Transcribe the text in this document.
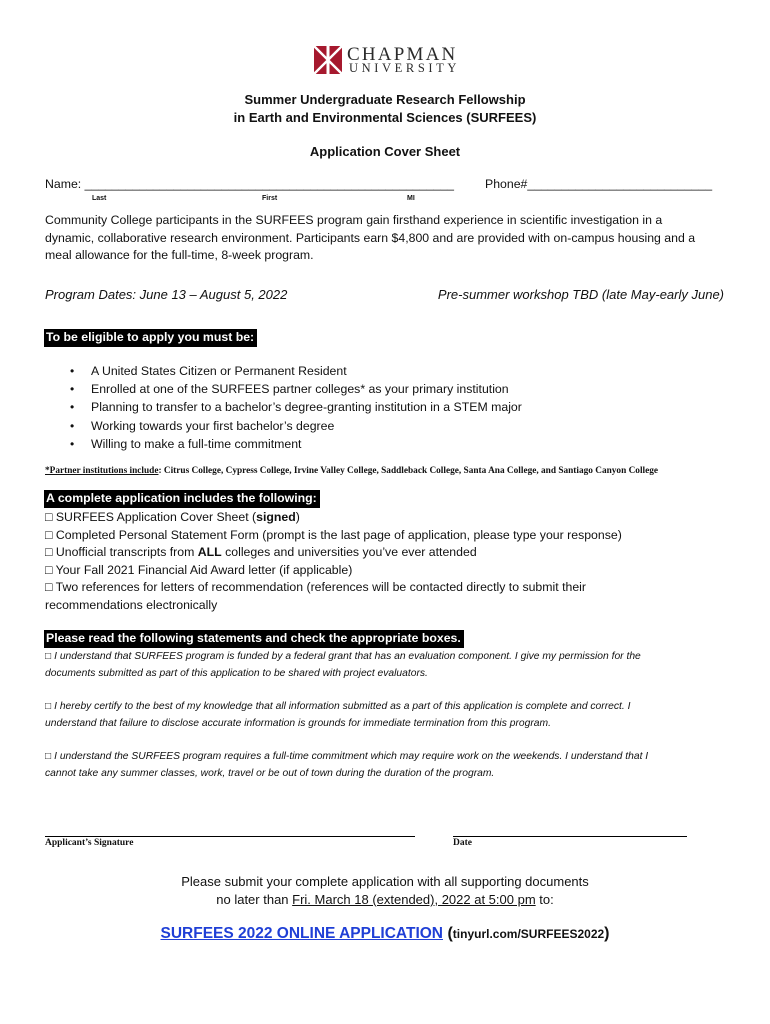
CHAPMAN
UNIVERSITY
Summer Undergraduate Research Fellowship
in Earth and Environmental Sciences (SURFEES)
Application Cover Sheet
Name: ______________________________________________________	Phone#___________________________
Last	First	MI
Community College participants in the SURFEES program gain firsthand experience in scientific investigation in a
dynamic, collaborative research environment. Participants earn $4,800 and are provided with on-campus housing and a
meal allowance for the full-time, 8-week program.
Program Dates: June 13 – August 5, 2022	Pre-summer workshop TBD (late May-early June)
To be eligible to apply you must be:
• A United States Citizen or Permanent Resident
• Enrolled at one of the SURFEES partner colleges* as your primary institution
• Planning to transfer to a bachelor’s degree-granting institution in a STEM major
• Working towards your first bachelor’s degree
• Willing to make a full-time commitment
*Partner institutions include: Citrus College, Cypress College, Irvine Valley College, Saddleback College, Santa Ana College, and Santiago Canyon College
A complete application includes the following:
□ SURFEES Application Cover Sheet (signed)
□ Completed Personal Statement Form (prompt is the last page of application, please type your response)
□ Unofficial transcripts from ALL colleges and universities you’ve ever attended
□ Your Fall 2021 Financial Aid Award letter (if applicable)
□ Two references for letters of recommendation (references will be contacted directly to submit their
recommendations electronically
Please read the following statements and check the appropriate boxes.
□ I understand that SURFEES program is funded by a federal grant that has an evaluation component. I give my permission for the
documents submitted as part of this application to be shared with project evaluators.
□ I hereby certify to the best of my knowledge that all information submitted as a part of this application is complete and correct. I
understand that failure to disclose accurate information is grounds for immediate termination from this program.
□ I understand the SURFEES program requires a full-time commitment which may require work on the weekends. I understand that I
cannot take any summer classes, work, travel or be out of town during the duration of the program.
Applicant’s Signature	Date
Please submit your complete application with all supporting documents
no later than Fri. March 18 (extended), 2022 at 5:00 pm to:
SURFEES 2022 ONLINE APPLICATION (tinyurl.com/SURFEES2022)
